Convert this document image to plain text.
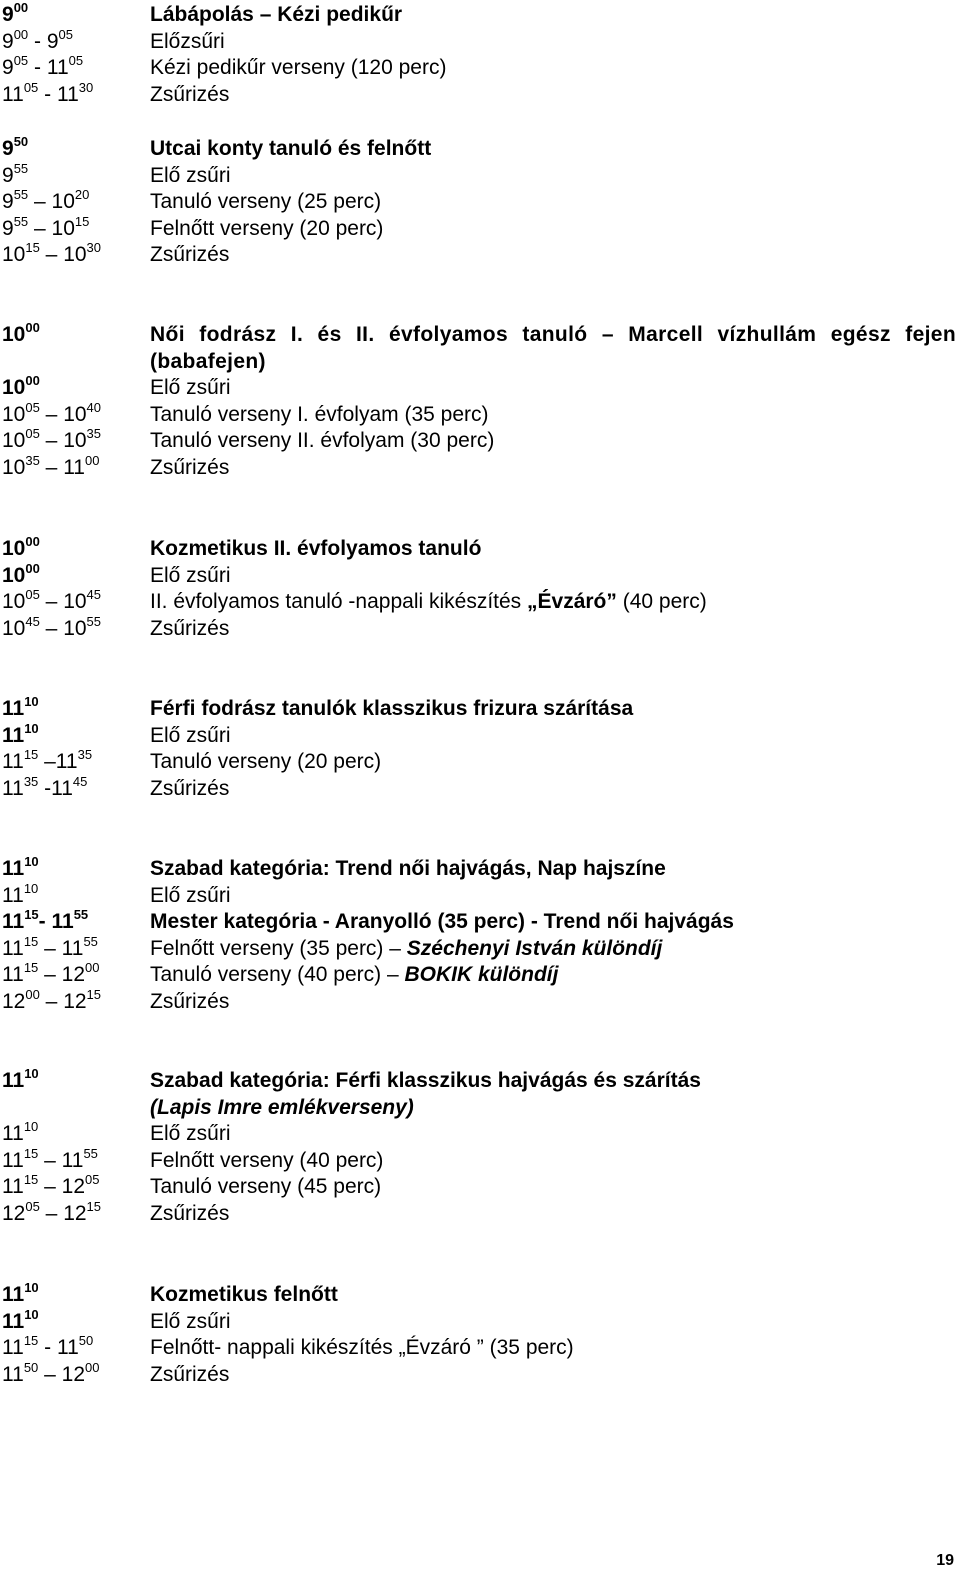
$9^{00}$	Lábápolás – Kézi pedikűr
$9^{00} - 9^{05}$	Előzsűri
$9^{05} - 11^{05}$	Kézi pedikűr verseny (120 perc)
$11^{05} - 11^{30}$	Zsűrizés
$9^{50}$	Utcai konty tanuló és felnőtt
$9^{55}$	Elő zsűri
$9^{55} - 10^{20}$	Tanuló verseny (25 perc)
$9^{55} - 10^{15}$	Felnőtt verseny (20 perc)
$10^{15} - 10^{30}$	Zsűrizés
$10^{00}$	Női fodrász I. és II. évfolyamos tanuló – Marcell vízhullám egész fejen (babafejen)
$10^{00}$	Elő zsűri
$10^{05} - 10^{40}$	Tanuló verseny I. évfolyam (35 perc)
$10^{05} - 10^{35}$	Tanuló verseny II. évfolyam (30 perc)
$10^{35} - 11^{00}$	Zsűrizés
$10^{00}$	Kozmetikus II. évfolyamos tanuló
$10^{00}$	Elő zsűri
$10^{05} - 10^{45}$	II. évfolyamos tanuló -nappali kikészítés „Évzáró” (40 perc)
$10^{45} - 10^{55}$	Zsűrizés
$11^{10}$	Férfi fodrász tanulók klasszikus frizura szárítása
$11^{10}$	Elő zsűri
$11^{15}$ $-11^{35}$	Tanuló verseny (20 perc)
$11^{35}$ $-11^{45}$	Zsűrizés
$11^{10}$	Szabad kategória: Trend női hajvágás, Nap hajszíne
$11^{10}$	Elő zsűri
$11^{15}-$ $11^{55}$	Mester kategória - Aranyolló (35 perc) - Trend női hajvágás
$11^{15} - 11^{55}$	Felnőtt verseny (35 perc) – Széchenyi István különdíj
$11^{15} - 12^{00}$	Tanuló verseny (40 perc) – BOKIK különdíj
$12^{00} - 12^{15}$	Zsűrizés
$11^{10}$	Szabad kategória: Férfi klasszikus hajvágás és szárítás
(Lapis Imre emlékverseny)
$11^{10}$	Elő zsűri
$11^{15} - 11^{55}$	Felnőtt verseny (40 perc)
$11^{15} - 12^{05}$	Tanuló verseny (45 perc)
$12^{05} - 12^{15}$	Zsűrizés
$11^{10}$	Kozmetikus felnőtt
$11^{10}$	Elő zsűri
$11^{15} - 11^{50}$	Felnőtt- nappali kikészítés „Évzáró ” (35 perc)
$11^{50} - 12^{00}$	Zsűrizés
19
